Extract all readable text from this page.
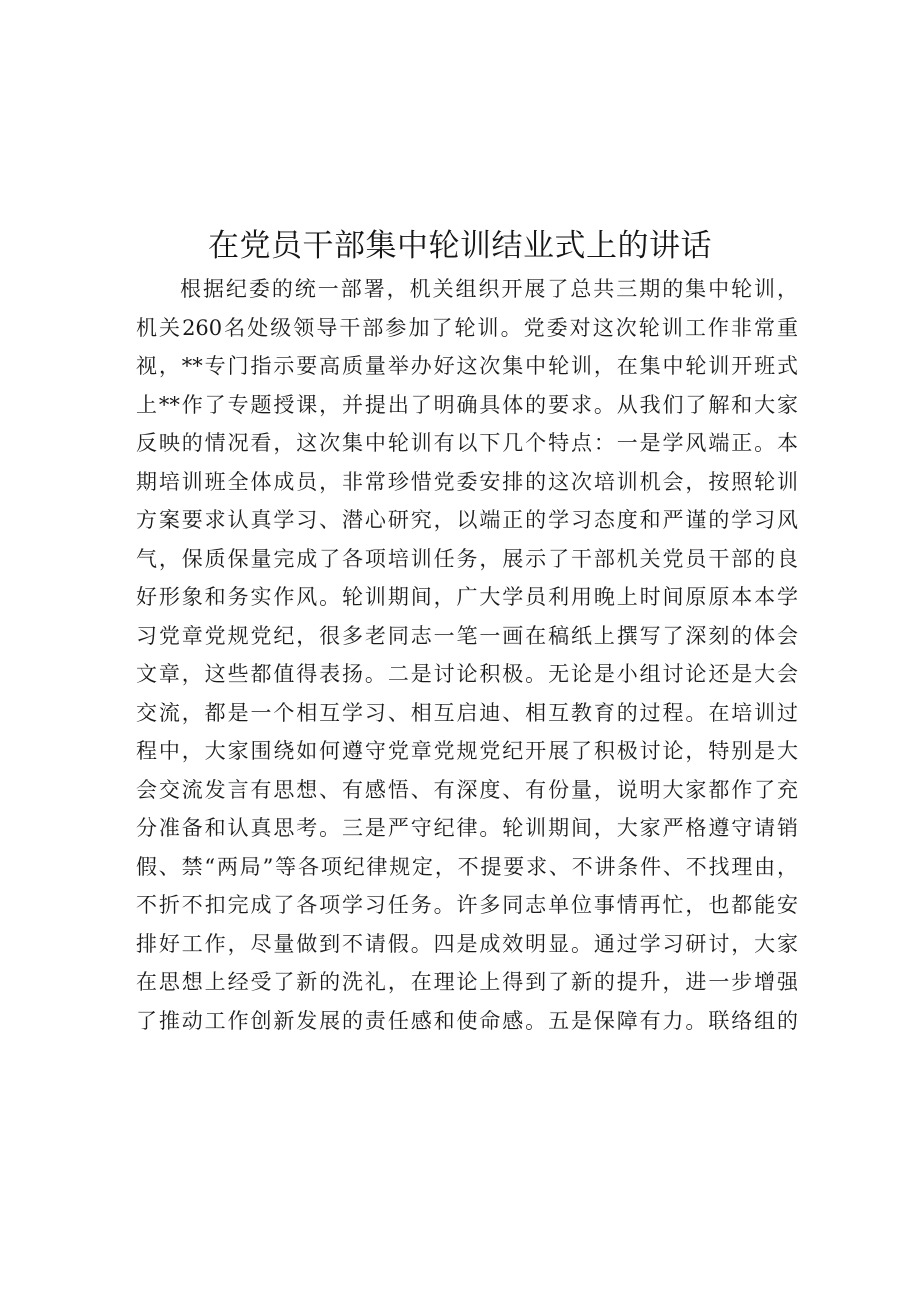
在党员干部集中轮训结业式上的讲话
根据纪委的统一部署，机关组织开展了总共三期的集中轮训，
机关260名处级领导干部参加了轮训。党委对这次轮训工作非常重
视，**专门指示要高质量举办好这次集中轮训，在集中轮训开班式
上**作了专题授课，并提出了明确具体的要求。从我们了解和大家
反映的情况看，这次集中轮训有以下几个特点：一是学风端正。本
期培训班全体成员，非常珍惜党委安排的这次培训机会，按照轮训
方案要求认真学习、潜心研究，以端正的学习态度和严谨的学习风
气，保质保量完成了各项培训任务，展示了干部机关党员干部的良
好形象和务实作风。轮训期间，广大学员利用晚上时间原原本本学
习党章党规党纪，很多老同志一笔一画在稿纸上撰写了深刻的体会
文章，这些都值得表扬。二是讨论积极。无论是小组讨论还是大会
交流，都是一个相互学习、相互启迪、相互教育的过程。在培训过
程中，大家围绕如何遵守党章党规党纪开展了积极讨论，特别是大
会交流发言有思想、有感悟、有深度、有份量，说明大家都作了充
分准备和认真思考。三是严守纪律。轮训期间，大家严格遵守请销
假、禁“两局”等各项纪律规定，不提要求、不讲条件、不找理由，
不折不扣完成了各项学习任务。许多同志单位事情再忙，也都能安
排好工作，尽量做到不请假。四是成效明显。通过学习研讨，大家
在思想上经受了新的洗礼，在理论上得到了新的提升，进一步增强
了推动工作创新发展的责任感和使命感。五是保障有力。联络组的
